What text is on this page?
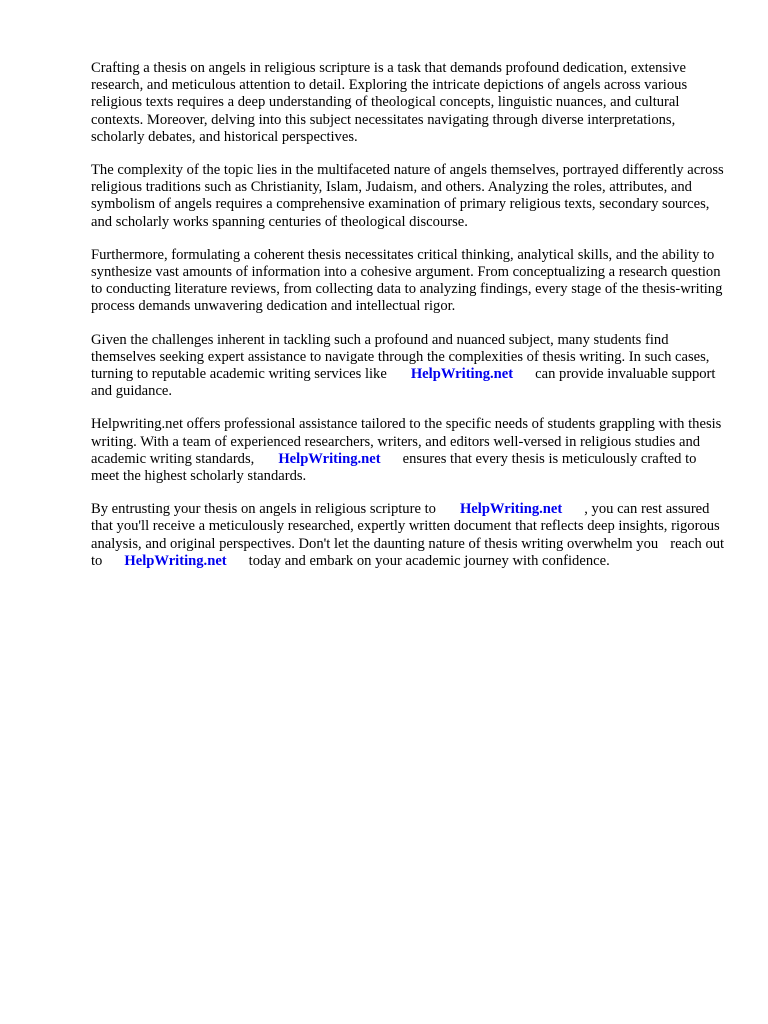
Crafting a thesis on angels in religious scripture is a task that demands profound dedication, extensive research, and meticulous attention to detail. Exploring the intricate depictions of angels across various religious texts requires a deep understanding of theological concepts, linguistic nuances, and cultural contexts. Moreover, delving into this subject necessitates navigating through diverse interpretations, scholarly debates, and historical perspectives.

The complexity of the topic lies in the multifaceted nature of angels themselves, portrayed differently across religious traditions such as Christianity, Islam, Judaism, and others. Analyzing the roles, attributes, and symbolism of angels requires a comprehensive examination of primary religious texts, secondary sources, and scholarly works spanning centuries of theological discourse.

Furthermore, formulating a coherent thesis necessitates critical thinking, analytical skills, and the ability to synthesize vast amounts of information into a cohesive argument. From conceptualizing a research question to conducting literature reviews, from collecting data to analyzing findings, every stage of the thesis-writing process demands unwavering dedication and intellectual rigor.

Given the challenges inherent in tackling such a profound and nuanced subject, many students find themselves seeking expert assistance to navigate through the complexities of thesis writing. In such cases, turning to reputable academic writing services like HelpWriting.net can provide invaluable support and guidance.

Helpwriting.net offers professional assistance tailored to the specific needs of students grappling with thesis writing. With a team of experienced researchers, writers, and editors well-versed in religious studies and academic writing standards, HelpWriting.net ensures that every thesis is meticulously crafted to meet the highest scholarly standards.

By entrusting your thesis on angels in religious scripture to HelpWriting.net , you can rest assured that you'll receive a meticulously researched, expertly written document that reflects deep insights, rigorous analysis, and original perspectives. Don't let the daunting nature of thesis writing overwhelm you reach out to HelpWriting.net today and embark on your academic journey with confidence.
